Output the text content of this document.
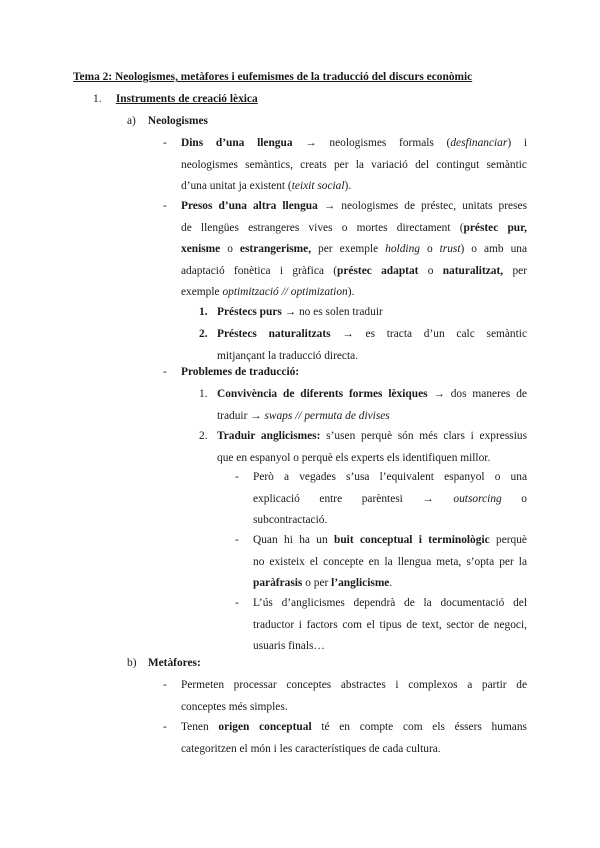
Tema 2: Neologismes, metàfores i eufemismes de la traducció del discurs econòmic
1. Instruments de creació lèxica
a) Neologismes
- Dins d’una llengua → neologismes formals (desfinanciar) i
neologismes semàntics, creats per la variació del contingut semàntic
d’una unitat ja existent (teixit social).
- Presos d’una altra llengua → neologismes de préstec, unitats preses
de llengües estrangeres vives o mortes directament (préstec pur,
xenisme o estrangerisme, per exemple holding o trust) o amb una
adaptació fonètica i gràfica (préstec adaptat o naturalitzat, per
exemple optimització // optimization).
1. Préstecs purs → no es solen traduir
2. Préstecs naturalitzats → es tracta d’un calc semàntic
mitjançant la traducció directa.
- Problemes de traducció:
1. Convivència de diferents formes lèxiques → dos maneres de
traduir → swaps // permuta de divises
2. Traduir anglicismes: s’usen perquè són més clars i expressius
que en espanyol o perquè els experts els identifiquen millor.
- Però a vegades s’usa l’equivalent espanyol o una
explicació entre parèntesi → outsorcing o
subcontractació.
- Quan hi ha un buit conceptual i terminològic perquè
no existeix el concepte en la llengua meta, s’opta per la
paràfrasis o per l’anglicisme.
- L’ús d’anglicismes dependrà de la documentació del
traductor i factors com el tipus de text, sector de negoci,
usuaris finals…
b) Metàfores:
- Permeten processar conceptes abstractes i complexos a partir de
conceptes més simples.
- Tenen origen conceptual té en compte com els éssers humans
categoritzen el món i les característiques de cada cultura.
